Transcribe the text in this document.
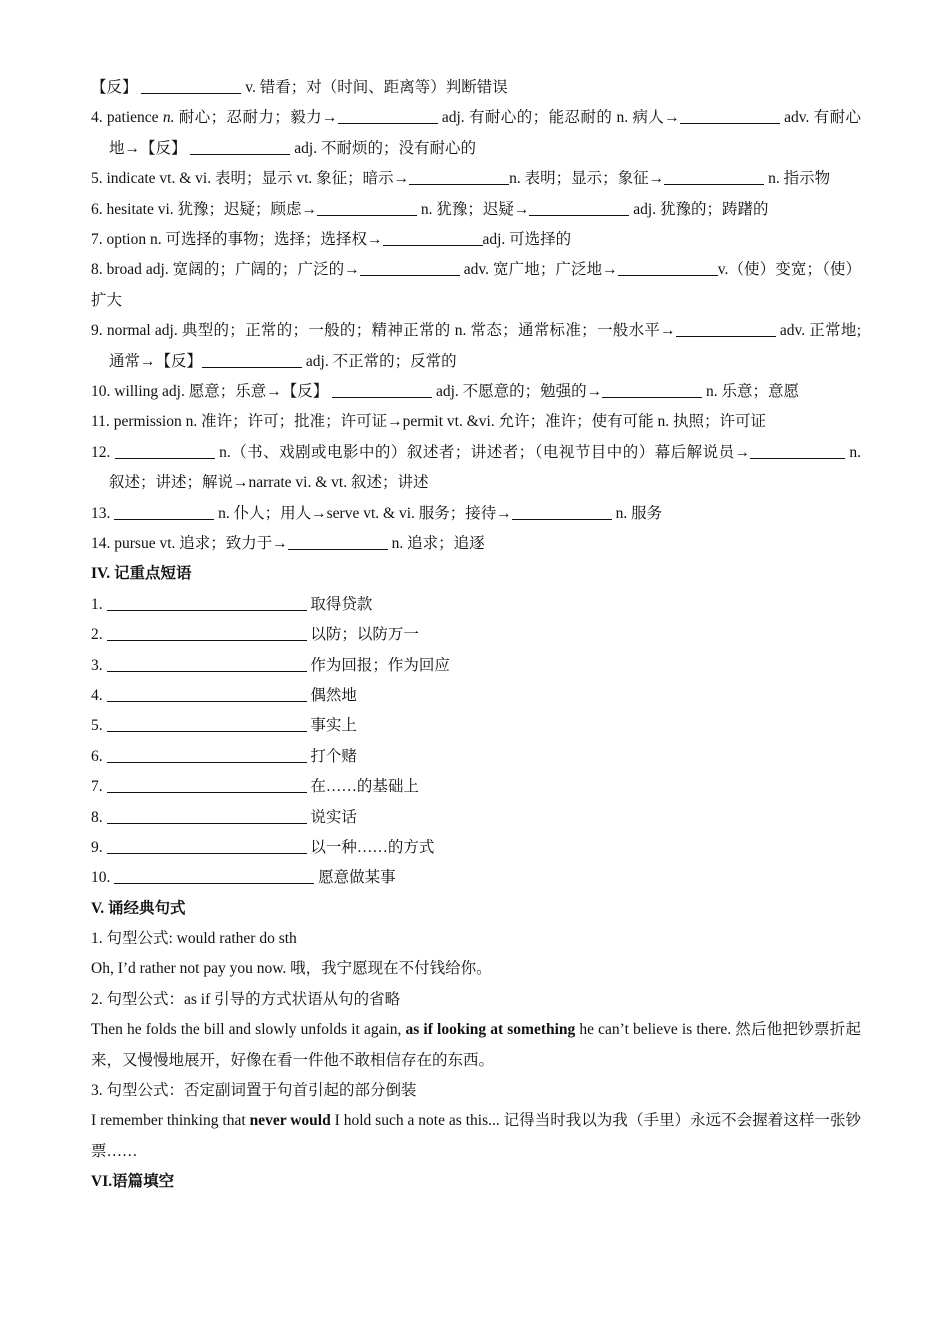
【反】	v. 错看；对（时间、距离等）判断错误
4. patience n. 耐心；忍耐力；毅力→	adj. 有耐心的；能忍耐的 n. 病人→	adv. 有耐心地→【反】	adj. 不耐烦的；没有耐心的
5. indicate vt. & vi. 表明；显示 vt. 象征；暗示→	n. 表明；显示；象征→	n. 指示物
6. hesitate vi. 犹豫；迟疑；顾虑→	n. 犹豫；迟疑→	adj. 犹豫的；踌躇的
7. option n. 可选择的事物；选择；选择权→	adj. 可选择的
8. broad adj. 宽阔的；广阔的；广泛的→	adv. 宽广地；广泛地→	v.（使）变宽；（使）扩大
9. normal adj. 典型的；正常的；一般的；精神正常的 n. 常态；通常标准；一般水平→	adv. 正常地;通常→【反】	adj. 不正常的；反常的
10. willing adj. 愿意；乐意→【反】	adj. 不愿意的；勉强的→	n. 乐意；意愿
11. permission n. 准许；许可；批准；许可证→permit vt. &vi. 允许；准许；使有可能 n. 执照；许可证
12.	n.（书、戏剧或电影中的）叙述者；讲述者；（电视节目中的）幕后解说员→	n. 叙述；讲述；解说→narrate vi. & vt. 叙述；讲述
13.	n. 仆人；用人→serve vt. & vi. 服务；接待→	n. 服务
14. pursue vt. 追求；致力于→	n. 追求；追逐
IV. 记重点短语
1.	取得贷款
2.	以防；以防万一
3.	作为回报；作为回应
4.	偶然地
5.	事实上
6.	打个赌
7.	在……的基础上
8.	说实话
9.	以一种……的方式
10.	愿意做某事
V. 诵经典句式
1. 句型公式: would rather do sth
Oh, I’d rather not pay you now. 哦，我宁愿现在不付钱给你。
2. 句型公式：as if 引导的方式状语从句的省略
Then he folds the bill and slowly unfolds it again, as if looking at something he can’t believe is there. 然后他把钞票折起来，又慢慢地展开，好像在看一件他不敢相信存在的东西。
3. 句型公式：否定副词置于句首引起的部分倒装
I remember thinking that never would I hold such a note as this... 记得当时我以为我（手里）永远不会握着这样一张钞票……
VI.语篇填空
